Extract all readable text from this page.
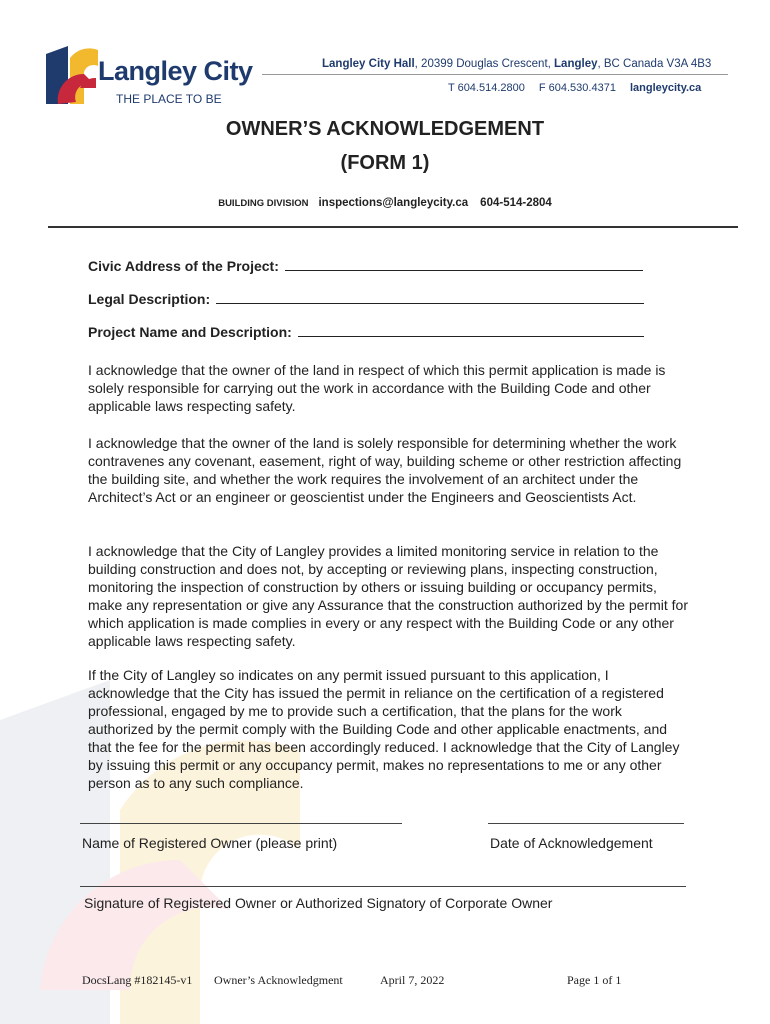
Langley City
THE PLACE TO BE
Langley City Hall, 20399 Douglas Crescent, Langley, BC Canada V3A 4B3
T 604.514.2800 F 604.530.4371 langleycity.ca
OWNER’S ACKNOWLEDGEMENT
(FORM 1)
BUILDING DIVISION inspections@langleycity.ca 604-514-2804
Civic Address of the Project:
Legal Description:
Project Name and Description:

I acknowledge that the owner of the land in respect of which this permit application is made is solely responsible for carrying out the work in accordance with the Building Code and other applicable laws respecting safety.

I acknowledge that the owner of the land is solely responsible for determining whether the work contravenes any covenant, easement, right of way, building scheme or other restriction affecting the building site, and whether the work requires the involvement of an architect under the Architect’s Act or an engineer or geoscientist under the Engineers and Geoscientists Act.

I acknowledge that the City of Langley provides a limited monitoring service in relation to the building construction and does not, by accepting or reviewing plans, inspecting construction, monitoring the inspection of construction by others or issuing building or occupancy permits, make any representation or give any Assurance that the construction authorized by the permit for which application is made complies in every or any respect with the Building Code or any other applicable laws respecting safety.

If the City of Langley so indicates on any permit issued pursuant to this application, I acknowledge that the City has issued the permit in reliance on the certification of a registered professional, engaged by me to provide such a certification, that the plans for the work authorized by the permit comply with the Building Code and other applicable enactments, and that the fee for the permit has been accordingly reduced. I acknowledge that the City of Langley by issuing this permit or any occupancy permit, makes no representations to me or any other person as to any such compliance.

Name of Registered Owner (please print)	Date of Acknowledgement
Signature of Registered Owner or Authorized Signatory of Corporate Owner
DocsLang #182145-v1 Owner’s Acknowledgment	April 7, 2022	Page 1 of 1
